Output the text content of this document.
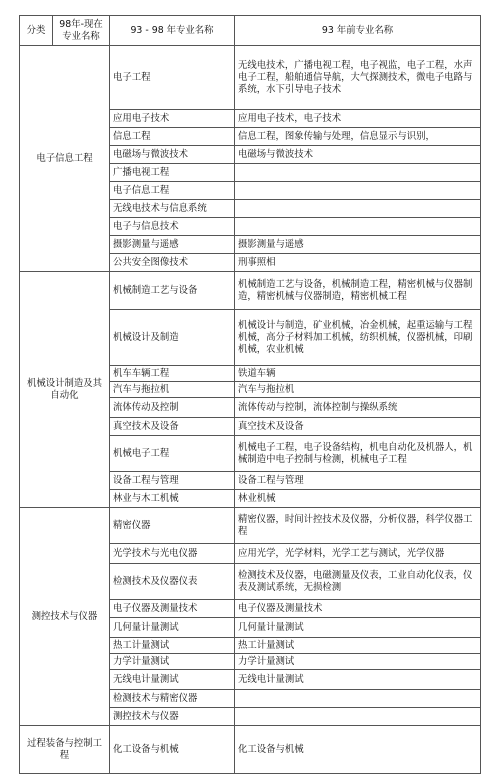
分类	98年-现在专业名称	93 - 98 年专业名称	93 年前专业名称
电子信息工程		电子工程	无线电技术，广播电视工程，电子视监，电子工程，水声电子工程，船舶通信导航，大气探测技术，微电子电路与系统，水下引导电子技术
		应用电子技术	应用电子技术，电子技术
		信息工程	信息工程，图象传输与处理，信息显示与识别，
		电磁场与微波技术	电磁场与微波技术
		广播电视工程	
		电子信息工程	
		无线电技术与信息系统	
		电子与信息技术	
		摄影测量与遥感	摄影测量与遥感
		公共安全图像技术	刑事照相
机械设计制造及其自动化		机械制造工艺与设备	机械制造工艺与设备，机械制造工程，精密机械与仪器制造，精密机械与仪器制造，精密机械工程
		机械设计及制造	机械设计与制造，矿业机械，冶金机械，起重运输与工程机械，高分子材料加工机械，纺织机械，仪器机械，印刷机械，农业机械
		机车车辆工程	铁道车辆
		汽车与拖拉机	汽车与拖拉机
		流体传动及控制	流体传动与控制，流体控制与操纵系统
		真空技术及设备	真空技术及设备
		机械电子工程	机械电子工程，电子设备结构，机电自动化及机器人，机械制造中电子控制与检测，机械电子工程
		设备工程与管理	设备工程与管理
		林业与木工机械	林业机械
测控技术与仪器		精密仪器	精密仪器，时间计控技术及仪器，分析仪器，科学仪器工程
		光学技术与光电仪器	应用光学，光学材料，光学工艺与测试，光学仪器
		检测技术及仪器仪表	检测技术及仪器，电磁测量及仪表，工业自动化仪表，仪表及测试系统，无损检测
		电子仪器及测量技术	电子仪器及测量技术
		几何量计量测试	几何量计量测试
		热工计量测试	热工计量测试
		力学计量测试	力学计量测试
		无线电计量测试	无线电计量测试
		检测技术与精密仪器	
		测控技术与仪器	
过程装备与控制工程		化工设备与机械	化工设备与机械
